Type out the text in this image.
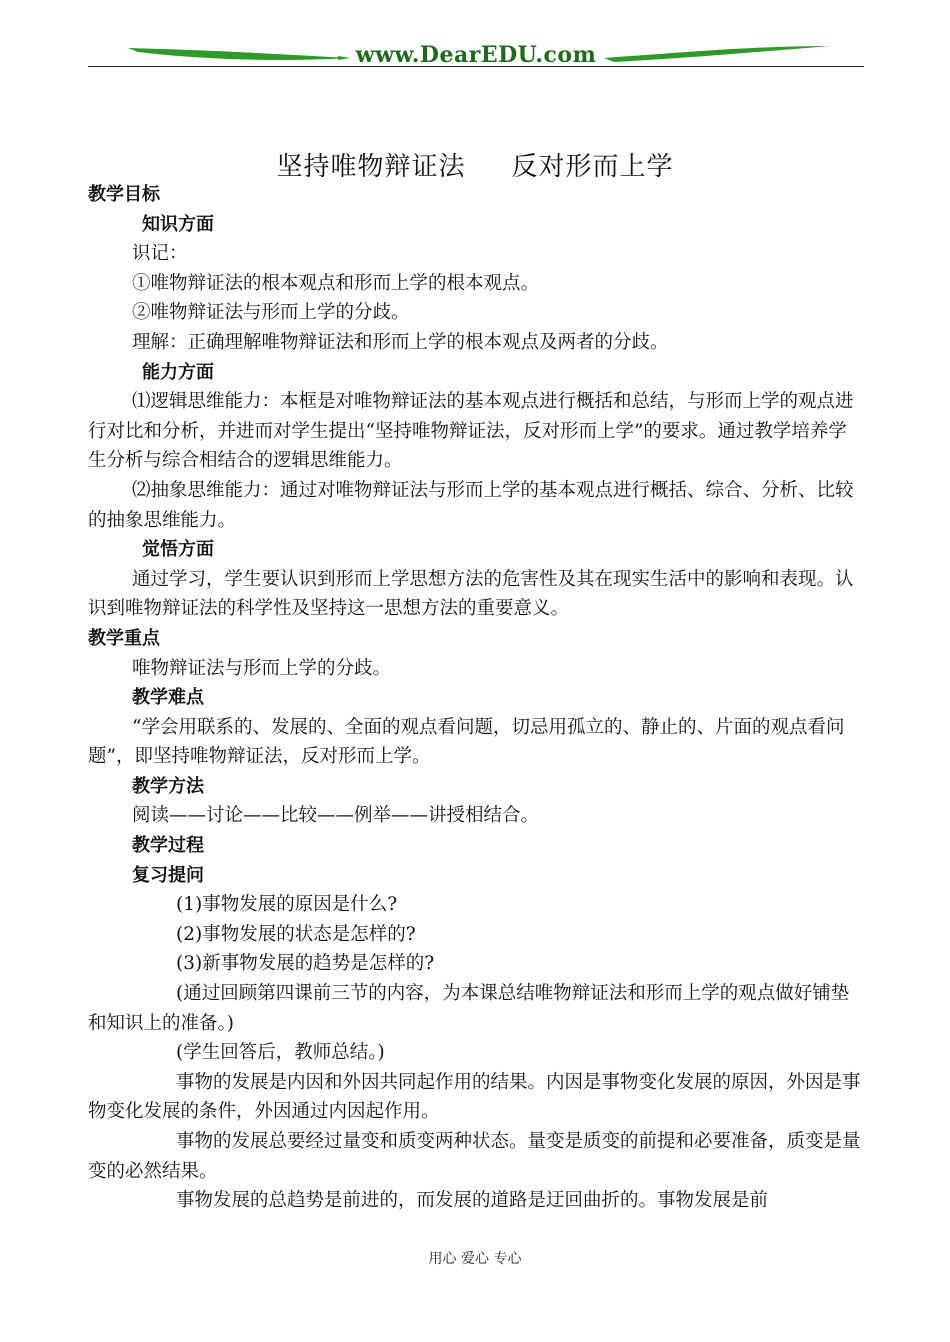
www.DearEDU.com
坚持唯物辩证法 反对形而上学

教学目标

知识方面

识记：

①唯物辩证法的根本观点和形而上学的根本观点。

②唯物辩证法与形而上学的分歧。

理解：正确理解唯物辩证法和形而上学的根本观点及两者的分歧。

能力方面

⑴逻辑思维能力：本框是对唯物辩证法的基本观点进行概括和总结，与形而上学的观点进行对比和分析，并进而对学生提出“坚持唯物辩证法，反对形而上学”的要求。通过教学培养学生分析与综合相结合的逻辑思维能力。

⑵抽象思维能力：通过对唯物辩证法与形而上学的基本观点进行概括、综合、分析、比较的抽象思维能力。

觉悟方面

通过学习，学生要认识到形而上学思想方法的危害性及其在现实生活中的影响和表现。认识到唯物辩证法的科学性及坚持这一思想方法的重要意义。

教学重点

唯物辩证法与形而上学的分歧。

教学难点

“学会用联系的、发展的、全面的观点看问题，切忌用孤立的、静止的、片面的观点看问题”，即坚持唯物辩证法，反对形而上学。

教学方法

阅读——讨论——比较——例举——讲授相结合。

教学过程

复习提问

(1)事物发展的原因是什么?

(2)事物发展的状态是怎样的?

(3)新事物发展的趋势是怎样的?

(通过回顾第四课前三节的内容，为本课总结唯物辩证法和形而上学的观点做好铺垫和知识上的准备。)

(学生回答后，教师总结。)

事物的发展是内因和外因共同起作用的结果。内因是事物变化发展的原因，外因是事物变化发展的条件，外因通过内因起作用。

事物的发展总要经过量变和质变两种状态。量变是质变的前提和必要准备，质变是量变的必然结果。

事物发展的总趋势是前进的，而发展的道路是迂回曲折的。事物发展是前

用心 爱心 专心
